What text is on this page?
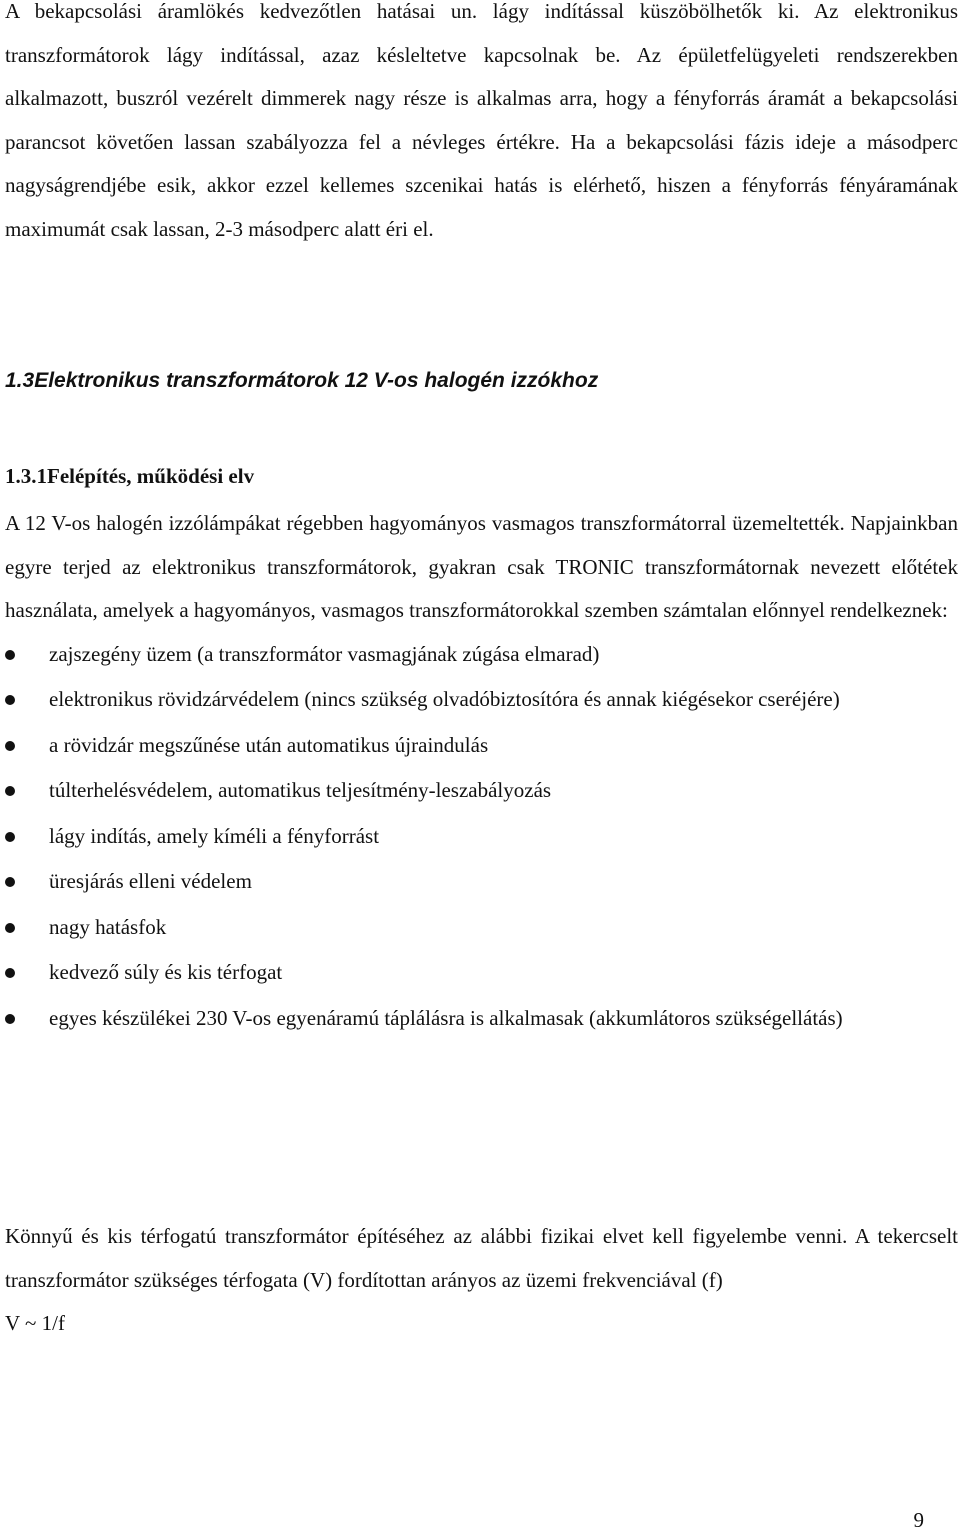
A bekapcsolási áramlökés kedvezőtlen hatásai un. lágy indítással küszöbölhetők ki. Az elektronikus transzformátorok lágy indítással, azaz késleltetve kapcsolnak be. Az épületfelügyeleti rendszerekben alkalmazott, buszról vezérelt dimmerek nagy része is alkalmas arra, hogy a fényforrás áramát a bekapcsolási parancsot követően lassan szabályozza fel a névleges értékre. Ha a bekapcsolási fázis ideje a másodperc nagyságrendjébe esik, akkor ezzel kellemes szcenikai hatás is elérhető, hiszen a fényforrás fényáramának maximumát csak lassan, 2-3 másodperc alatt éri el.

1.3Elektronikus transzformátorok 12 V-os halogén izzókhoz
1.3.1Felépítés, működési elv

A 12 V-os halogén izzólámpákat régebben hagyományos vasmagos transzformátorral üzemeltették. Napjainkban egyre terjed az elektronikus transzformátorok, gyakran csak TRONIC transzformátornak nevezett előtétek használata, amelyek a hagyományos, vasmagos transzformátorokkal szemben számtalan előnnyel rendelkeznek:

zajszegény üzem (a transzformátor vasmagjának zúgása elmarad)
elektronikus rövidzárvédelem (nincs szükség olvadóbiztosítóra és annak kiégésekor cseréjére)
a rövidzár megszűnése után automatikus újraindulás
túlterhelésvédelem, automatikus teljesítmény-leszabályozás
lágy indítás, amely kíméli a fényforrást
üresjárás elleni védelem
nagy hatásfok
kedvező súly és kis térfogat
egyes készülékei 230 V-os egyenáramú táplálásra is alkalmasak (akkumlátoros szükségellátás)

Könnyű és kis térfogatú transzformátor építéséhez az alábbi fizikai elvet kell figyelembe venni. A tekercselt transzformátor szükséges térfogata (V) fordítottan arányos az üzemi frekvenciával (f)

V ~ 1/f

9
